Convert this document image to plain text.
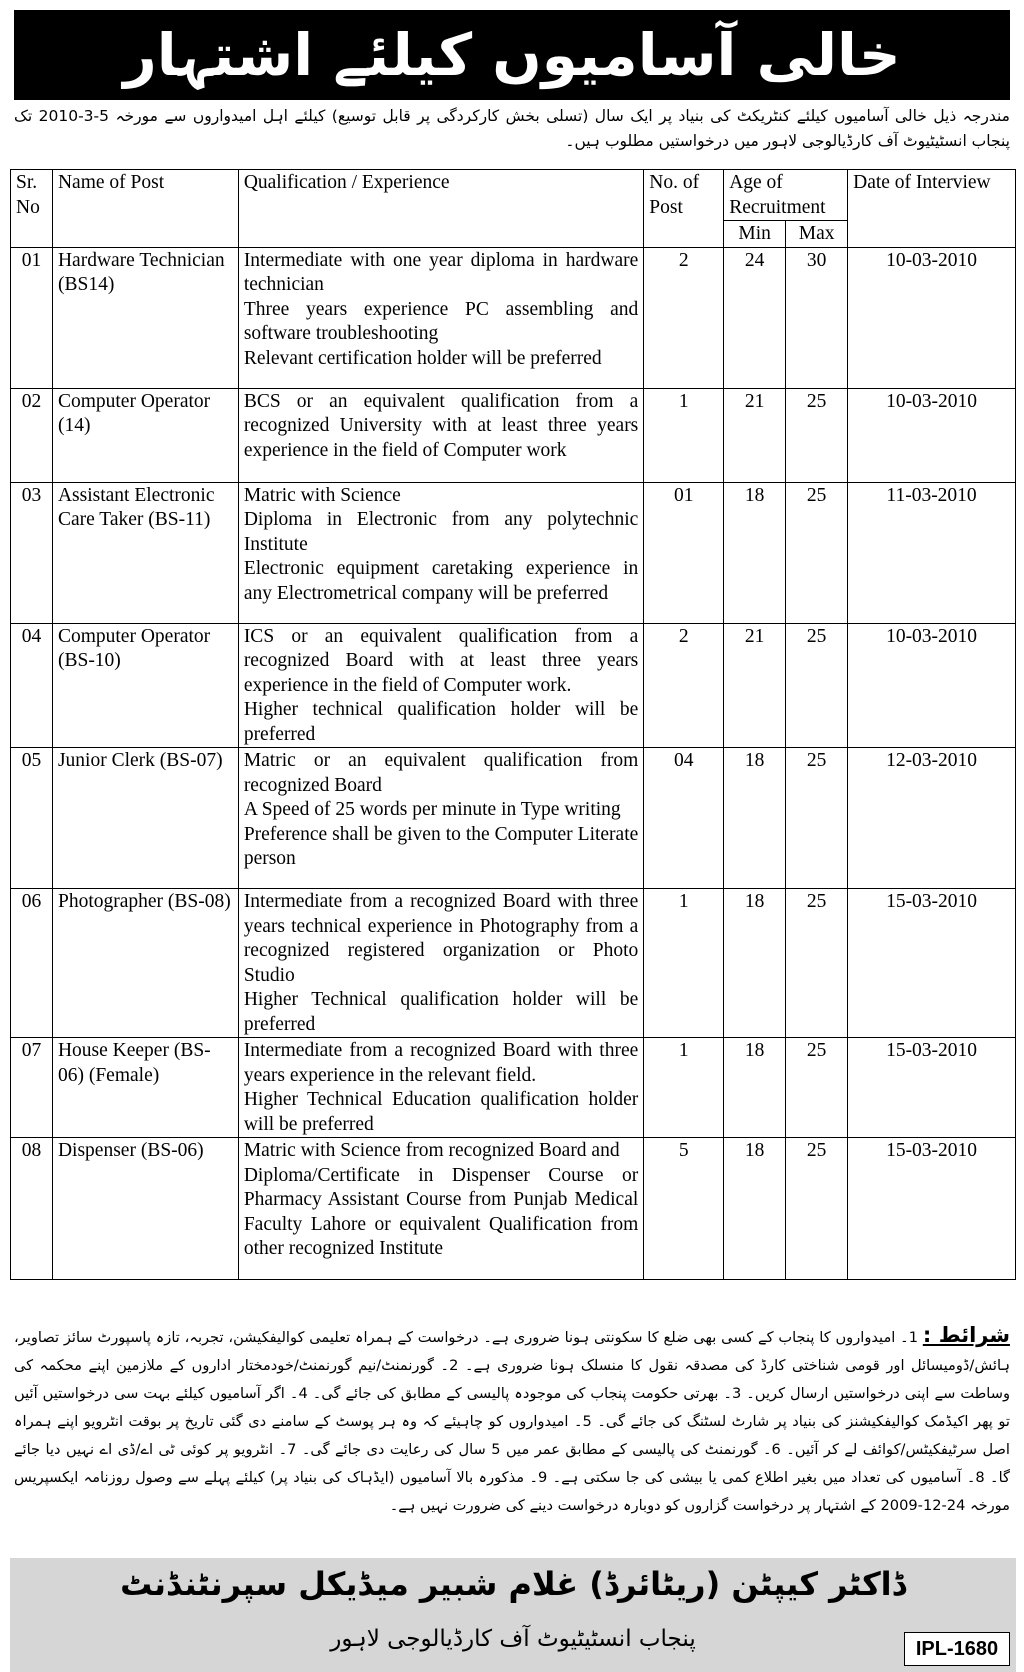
خالی آسامیوں کیلئے اشتہار
مندرجہ ذیل خالی آسامیوں کیلئے کنٹریکٹ کی بنیاد پر ایک سال (تسلی بخش کارکردگی پر قابل توسیع) کیلئے اہل امیدواروں سے مورخہ 5-3-2010 تک پنجاب انسٹیٹیوٹ آف کارڈیالوجی لاہور میں درخواستیں مطلوب ہیں۔
Sr. No	Name of Post	Qualification / Experience	No. of Post	Age of Recruitment		Date of Interview
				Min	Max	
01	Hardware Technician (BS14)	Intermediate with one year diploma in hardware technician
Three years experience PC assembling and software troubleshooting
Relevant certification holder will be preferred	2	24	30	10-03-2010
02	Computer Operator (14)	BCS or an equivalent qualification from a recognized University with at least three years experience in the field of Computer work	1	21	25	10-03-2010
03	Assistant Electronic Care Taker (BS-11)	Matric with Science
Diploma in Electronic from any polytechnic Institute
Electronic equipment caretaking experience in any Electrometrical company will be preferred	01	18	25	11-03-2010
04	Computer Operator (BS-10)	ICS or an equivalent qualification from a recognized Board with at least three years experience in the field of Computer work.
Higher technical qualification holder will be preferred	2	21	25	10-03-2010
05	Junior Clerk (BS-07)	Matric or an equivalent qualification from recognized Board
A Speed of 25 words per minute in Type writing
Preference shall be given to the Computer Literate person	04	18	25	12-03-2010
06	Photographer (BS-08)	Intermediate from a recognized Board with three years technical experience in Photography from a recognized registered organization or Photo Studio
Higher Technical qualification holder will be preferred	1	18	25	15-03-2010
07	House Keeper (BS-06) (Female)	Intermediate from a recognized Board with three years experience in the relevant field.
Higher Technical Education qualification holder will be preferred	1	18	25	15-03-2010
08	Dispenser (BS-06)	Matric with Science from recognized Board and
Diploma/Certificate in Dispenser Course or Pharmacy Assistant Course from Punjab Medical Faculty Lahore or equivalent Qualification from other recognized Institute	5	18	25	15-03-2010
شرائط : 1۔ امیدواروں کا پنجاب کے کسی بھی ضلع کا سکونتی ہونا ضروری ہے۔ درخواست کے ہمراہ تعلیمی کوالیفکیشن، تجربہ، تازہ پاسپورٹ سائز تصاویر، ہائش/ڈومیسائل اور قومی شناختی کارڈ کی مصدقہ نقول کا منسلک ہونا ضروری ہے۔ 2۔ گورنمنٹ/نیم گورنمنٹ/خودمختار اداروں کے ملازمین اپنے محکمہ کی وساطت سے اپنی درخواستیں ارسال کریں۔ 3۔ بھرتی حکومت پنجاب کی موجودہ پالیسی کے مطابق کی جائے گی۔ 4۔ اگر آسامیوں کیلئے بہت سی درخواستیں آئیں تو پھر اکیڈمک کوالیفکیشنز کی بنیاد پر شارٹ لسٹنگ کی جائے گی۔ 5۔ امیدواروں کو چاہیئے کہ وہ ہر پوسٹ کے سامنے دی گئی تاریخ پر بوقت انٹرویو اپنے ہمراہ اصل سرٹیفکیٹس/کوائف لے کر آئیں۔ 6۔ گورنمنٹ کی پالیسی کے مطابق عمر میں 5 سال کی رعایت دی جائے گی۔ 7۔ انٹرویو پر کوئی ٹی اے/ڈی اے نہیں دیا جائے گا۔ 8۔ آسامیوں کی تعداد میں بغیر اطلاع کمی یا بیشی کی جا سکتی ہے۔ 9۔ مذکورہ بالا آسامیوں (ایڈہاک کی بنیاد پر) کیلئے پہلے سے وصول روزنامہ ایکسپریس مورخہ 24-12-2009 کے اشتہار پر درخواست گزاروں کو دوبارہ درخواست دینے کی ضرورت نہیں ہے۔
ڈاکٹر کیپٹن (ریٹائرڈ) غلام شبیر میڈیکل سپرنٹنڈنٹ
پنجاب انسٹیٹیوٹ آف کارڈیالوجی لاہور	IPL-1680
